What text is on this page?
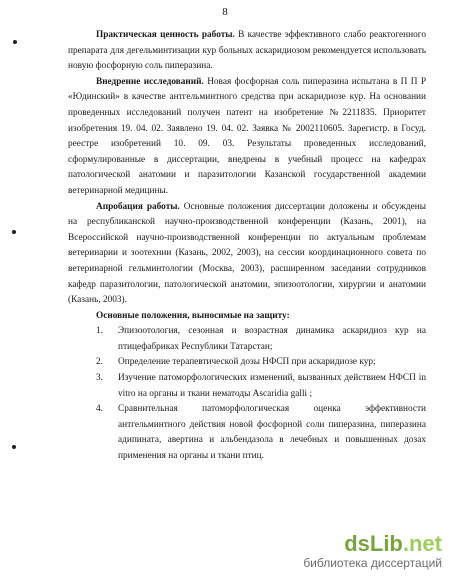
8

Практическая ценность работы. В качестве эффективного слабо реактогенного препарата для дегельминтизации кур больных аскаридиозом рекомендуется использовать новую фосфорную соль пиперазина.

Внедрение исследований. Новая фосфорная соль пиперазина испытана в П П Р «Юдинский» в качестве антгельминтного средства при аскаридиозе кур. На основании проведенных исследований получен патент на изобретение №2211835. Приоритет изобретения 19. 04. 02. Заявлено 19. 04. 02. Заявка № 2002110605. Зарегистр. в Госуд. реестре изобретений 10. 09. 03. Результаты проведенных исследований, сформулированные в диссертации, внедрены в учебный процесс на кафедрах патологической анатомии и паразитологии Казанской государственной академии ветеринарной медицины.

Апробация работы. Основные положения диссертации доложены и обсуждены на республиканской научно-производственной конференции (Казань, 2001), на Всероссийской научно-производственной конференции по актуальным проблемам ветеринарии и зоотехнии (Казань, 2002, 2003), на сессии координационного совета по ветеринарной гельминтологии (Москва, 2003), расширенном заседании сотрудников кафедр паразитологии, патологической анатомии, эпизоотологии, хирургии и анатомии (Казань, 2003).

Основные положения, выносимые на защиту:

1. Эпизоотология, сезонная и возрастная динамика аскаридиоз кур на птицефабриках Республики Татарстан;
2. Определение терапевтической дозы НФСП при аскаридиозе кур;
3. Изучение патоморфологических изменений, вызванных действием НФСП in vitro на органы и ткани нематоды Ascaridia galli ;
4. Сравнительная патоморфологическая оценка эффективности антгельминтного действия новой фосфорной соли пиперазина, пиперазина адипината, авертина и альбендазола в лечебных и повышенных дозах применения на органы и ткани птиц.
dsLib.net
библиотека диссертаций
